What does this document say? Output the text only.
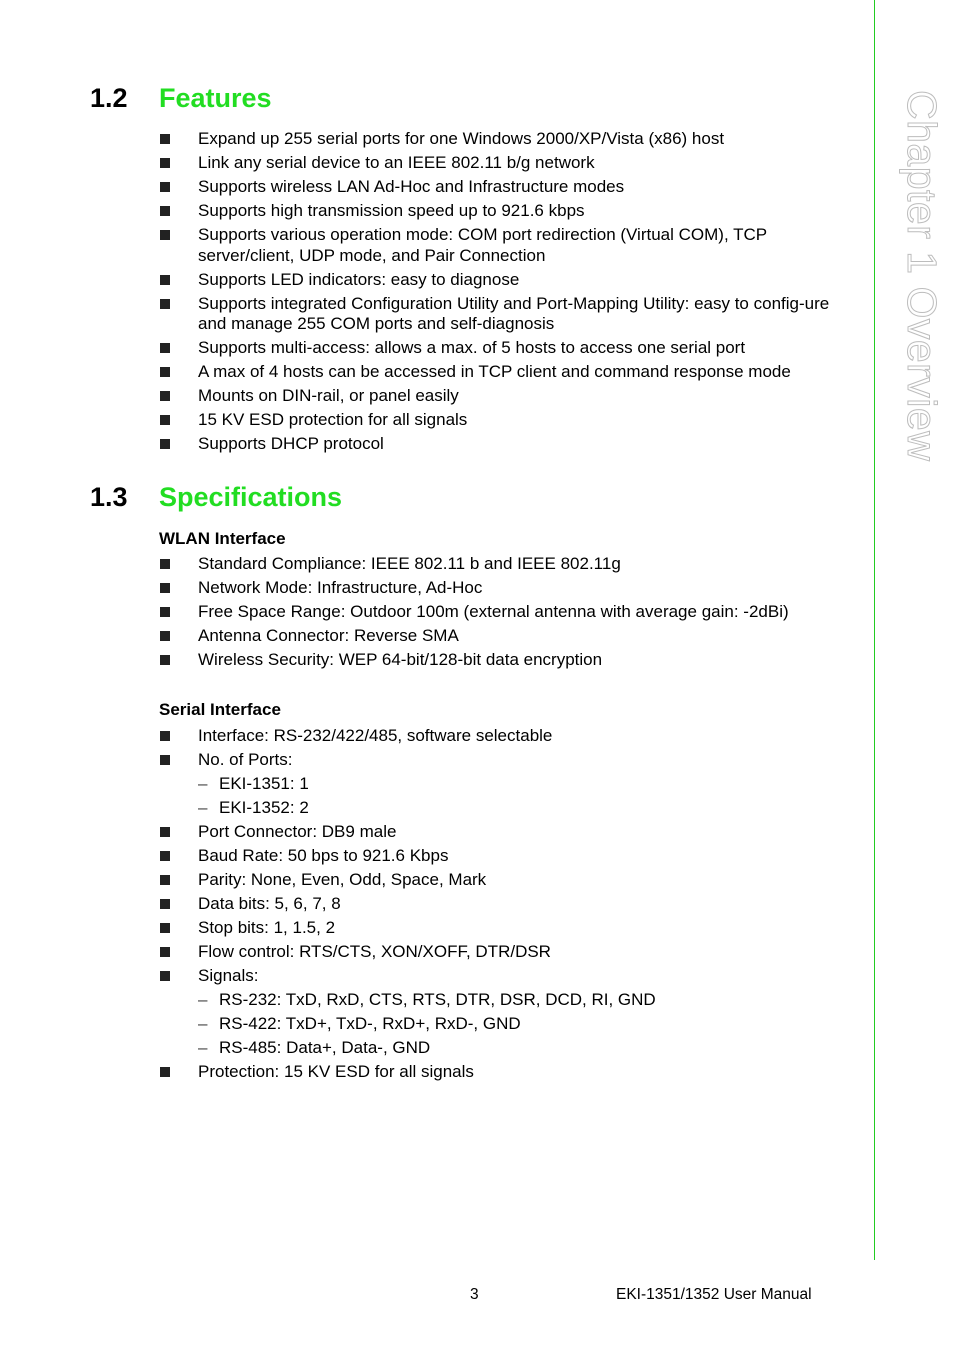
Chapter 1 Overview
1.2	Features
Expand up 255 serial ports for one Windows 2000/XP/Vista (x86) host
Link any serial device to an IEEE 802.11 b/g network
Supports wireless LAN Ad-Hoc and Infrastructure modes
Supports high transmission speed up to 921.6 kbps
Supports various operation mode: COM port redirection (Virtual COM), TCP server/client, UDP mode, and Pair Connection
Supports LED indicators: easy to diagnose
Supports integrated Configuration Utility and Port-Mapping Utility: easy to config-ure and manage 255 COM ports and self-diagnosis
Supports multi-access: allows a max. of 5 hosts to access one serial port
A max of 4 hosts can be accessed in TCP client and command response mode
Mounts on DIN-rail, or panel easily
15 KV ESD protection for all signals
Supports DHCP protocol
1.3	Specifications
WLAN Interface
Standard Compliance: IEEE 802.11 b and IEEE 802.11g
Network Mode: Infrastructure, Ad-Hoc
Free Space Range: Outdoor 100m (external antenna with average gain: -2dBi)
Antenna Connector: Reverse SMA
Wireless Security: WEP 64-bit/128-bit data encryption
Serial Interface
Interface: RS-232/422/485, software selectable
No. of Ports:
– EKI-1351: 1
– EKI-1352: 2
Port Connector: DB9 male
Baud Rate: 50 bps to 921.6 Kbps
Parity: None, Even, Odd, Space, Mark
Data bits: 5, 6, 7, 8
Stop bits: 1, 1.5, 2
Flow control: RTS/CTS, XON/XOFF, DTR/DSR
Signals:
– RS-232: TxD, RxD, CTS, RTS, DTR, DSR, DCD, RI, GND
– RS-422: TxD+, TxD-, RxD+, RxD-, GND
– RS-485: Data+, Data-, GND
Protection: 15 KV ESD for all signals
3	EKI-1351/1352 User Manual
